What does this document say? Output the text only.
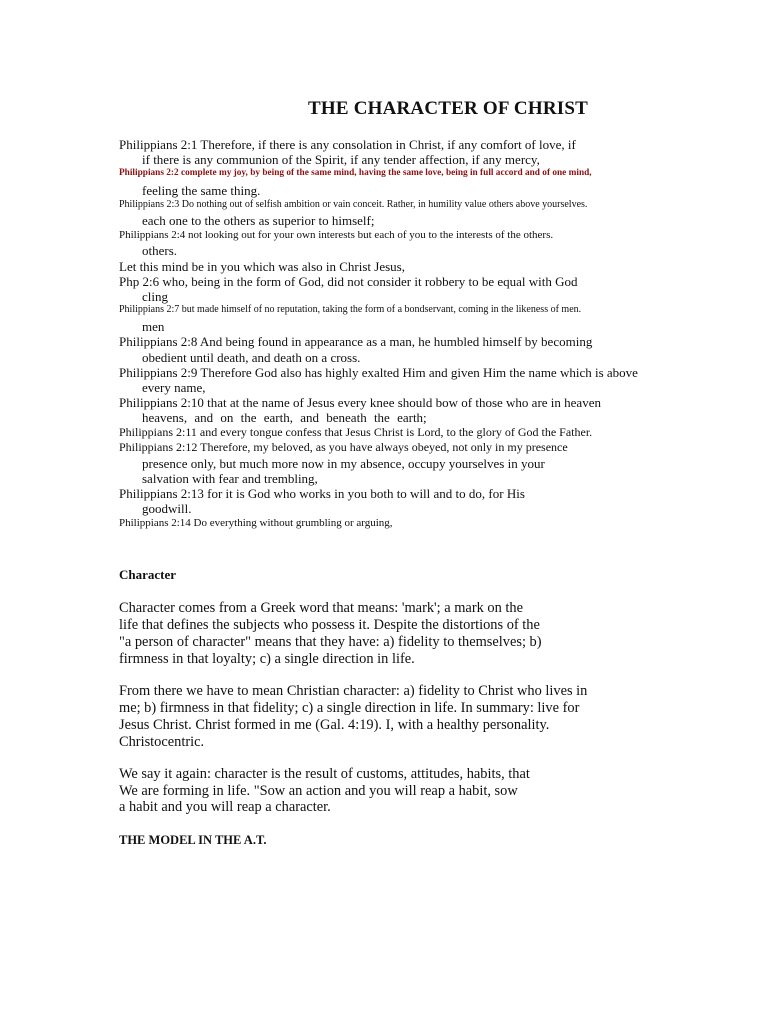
THE CHARACTER OF CHRIST
Philippians 2:1 Therefore, if there is any consolation in Christ, if any comfort of love, if
if there is any communion of the Spirit, if any tender affection, if any mercy,
Philippians 2:2 complete my joy, by being of the same mind, having the same love, being in full accord and of one mind,
feeling the same thing.
Philippians 2:3 Do nothing out of selfish ambition or vain conceit. Rather, in humility value others above yourselves.
each one to the others as superior to himself;
Philippians 2:4 not looking out for your own interests but each of you to the interests of the others.
others.
Let this mind be in you which was also in Christ Jesus,
Php 2:6 who, being in the form of God, did not consider it robbery to be equal with God
cling
Philippians 2:7 but made himself of no reputation, taking the form of a bondservant, coming in the likeness of men.
men
Philippians 2:8 And being found in appearance as a man, he humbled himself by becoming
obedient until death, and death on a cross.
Philippians 2:9 Therefore God also has highly exalted Him and given Him the name which is above
every name,
Philippians 2:10 that at the name of Jesus every knee should bow of those who are in heaven
heavens, and on the earth, and beneath the earth;
Philippians 2:11 and every tongue confess that Jesus Christ is Lord, to the glory of God the Father.
Philippians 2:12 Therefore, my beloved, as you have always obeyed, not only in my presence
presence only, but much more now in my absence, occupy yourselves in your
salvation with fear and trembling,
Philippians 2:13 for it is God who works in you both to will and to do, for His
goodwill.
Philippians 2:14 Do everything without grumbling or arguing,
Character
Character comes from a Greek word that means: 'mark'; a mark on the
life that defines the subjects who possess it. Despite the distortions of the
"a person of character" means that they have: a) fidelity to themselves; b)
firmness in that loyalty; c) a single direction in life.
From there we have to mean Christian character: a) fidelity to Christ who lives in
me; b) firmness in that fidelity; c) a single direction in life. In summary: live for
Jesus Christ. Christ formed in me (Gal. 4:19). I, with a healthy personality.
Christocentric.
We say it again: character is the result of customs, attitudes, habits, that
We are forming in life. "Sow an action and you will reap a habit, sow
a habit and you will reap a character.
THE MODEL IN THE A.T.
